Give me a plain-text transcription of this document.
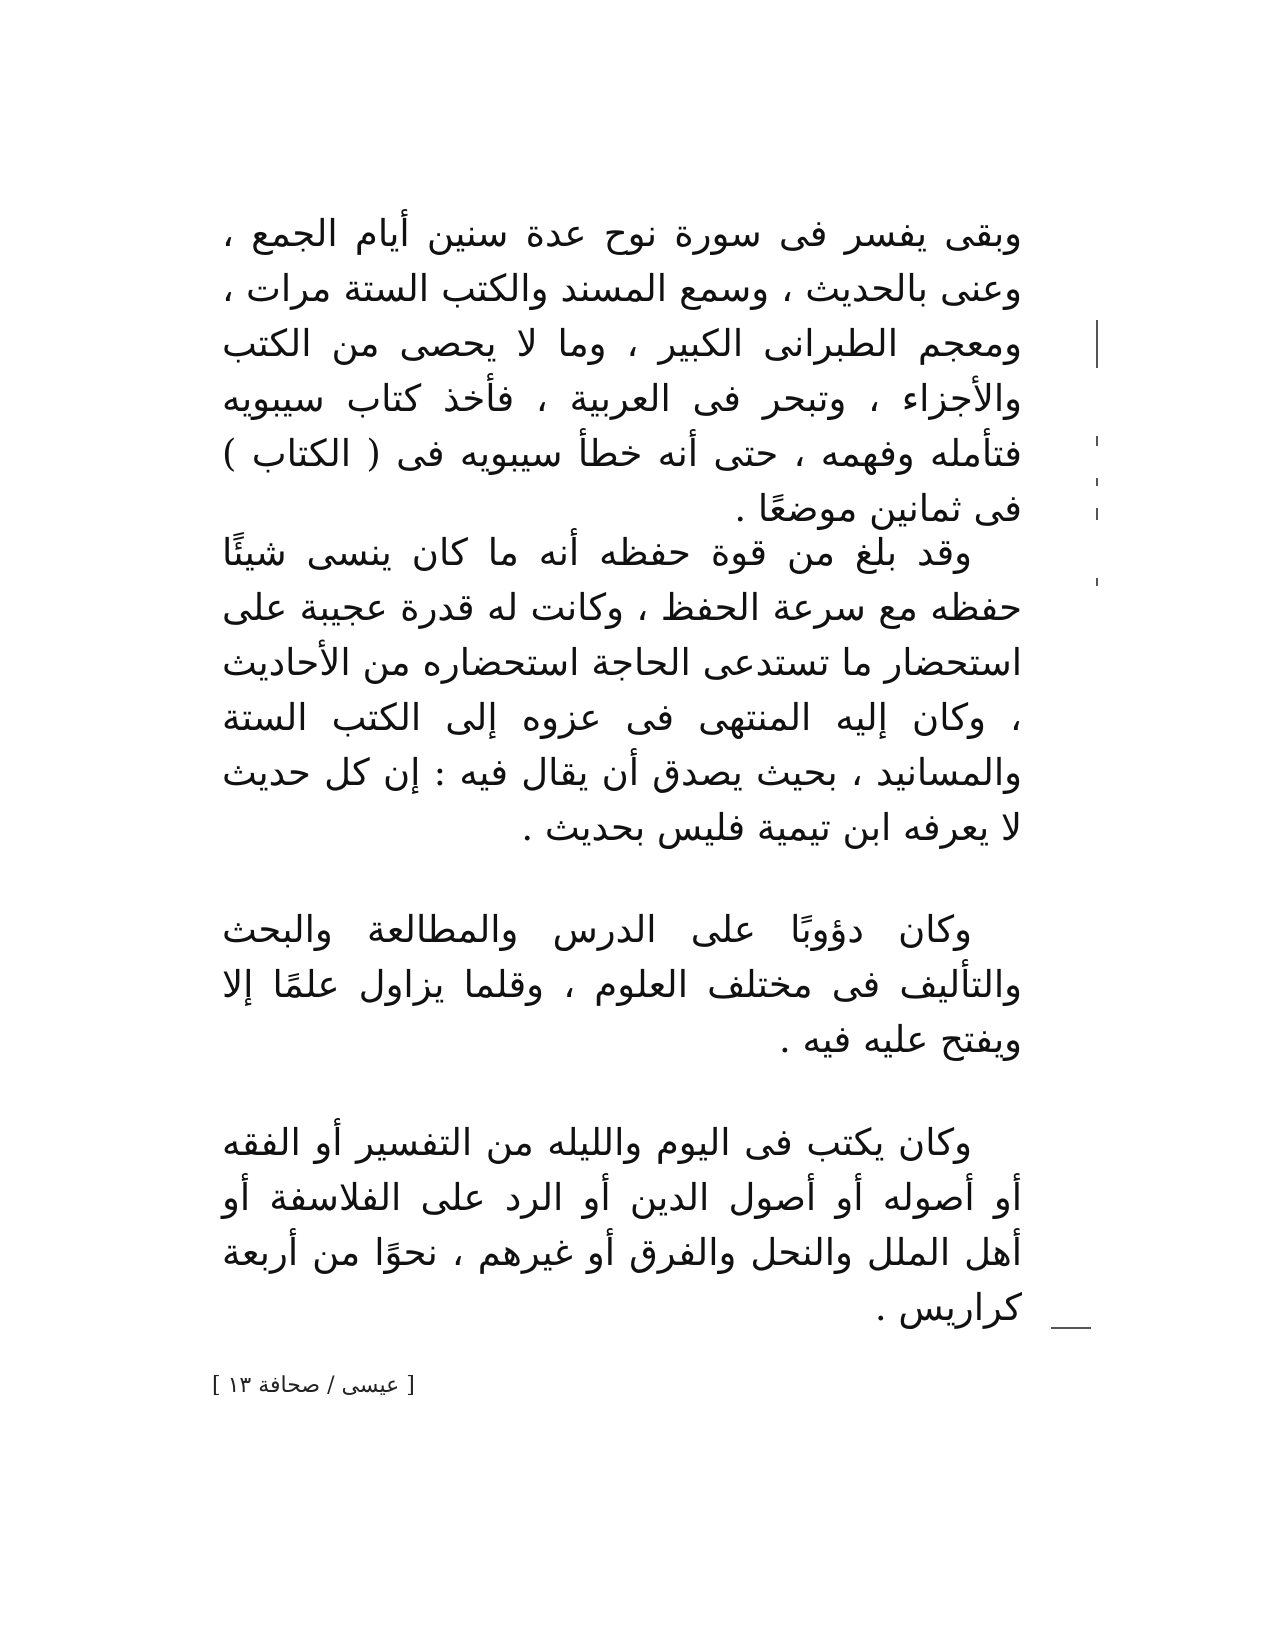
وبقى يفسر فى سورة نوح عدة سنين أيام الجمع ، وعنى بالحديث ، وسمع المسند والكتب الستة مرات ، ومعجم الطبرانى الكبير ، وما لا يحصى من الكتب والأجزاء ، وتبحر فى العربية ، فأخذ كتاب سيبويه فتأمله وفهمه ، حتى أنه خطأ سيبويه فى ( الكتاب ) فى ثمانين موضعًا .

وقد بلغ من قوة حفظه أنه ما كان ينسى شيئًا حفظه مع سرعة الحفظ ، وكانت له قدرة عجيبة على استحضار ما تستدعى الحاجة استحضاره من الأحاديث ، وكان إليه المنتهى فى عزوه إلى الكتب الستة والمسانيد ، بحيث يصدق أن يقال فيه : إن كل حديث لا يعرفه ابن تيمية فليس بحديث .

وكان دؤوبًا على الدرس والمطالعة والبحث والتأليف فى مختلف العلوم ، وقلما يزاول علمًا إلا ويفتح عليه فيه .

وكان يكتب فى اليوم والليله من التفسير أو الفقه أو أصوله أو أصول الدين أو الرد على الفلاسفة أو أهل الملل والنحل والفرق أو غيرهم ، نحوًا من أربعة كراريس .

[ عيسى / صحافة ١٣ ]
